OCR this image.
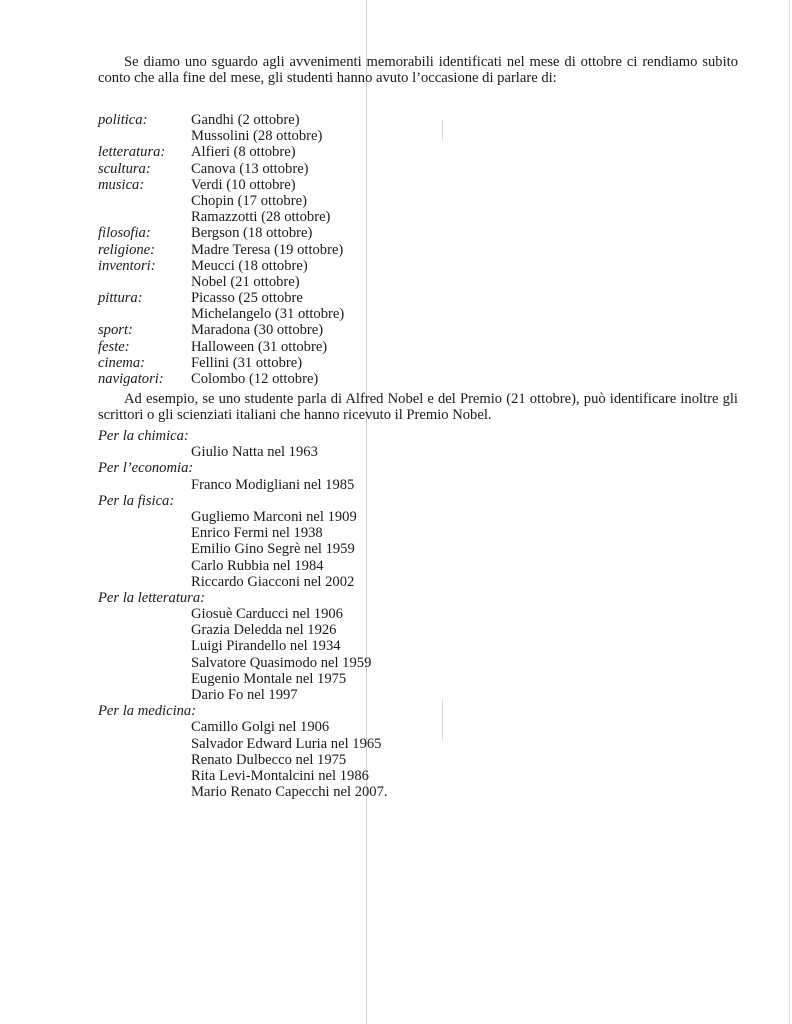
Se diamo uno sguardo agli avvenimenti memorabili identificati nel mese di ottobre ci rendiamo subito conto che alla fine del mese, gli studenti hanno avuto l’occasione di parlare di:

politica:	Gandhi (2 ottobre)
Mussolini (28 ottobre)
letteratura:	Alfieri (8 ottobre)
scultura:	Canova (13 ottobre)
musica:	Verdi (10 ottobre)
Chopin (17 ottobre)
Ramazzotti (28 ottobre)
filosofia:	Bergson (18 ottobre)
religione:	Madre Teresa (19 ottobre)
inventori:	Meucci (18 ottobre)
Nobel (21 ottobre)
pittura:	Picasso (25 ottobre
Michelangelo (31 ottobre)
sport:	Maradona (30 ottobre)
feste:	Halloween (31 ottobre)
cinema:	Fellini (31 ottobre)
navigatori:	Colombo (12 ottobre)

Ad esempio, se uno studente parla di Alfred Nobel e del Premio (21 ottobre), può identificare inoltre gli scrittori o gli scienziati italiani che hanno ricevuto il Premio Nobel.

Per la chimica:
Giulio Natta nel 1963
Per l’economia:
Franco Modigliani nel 1985
Per la fisica:
Gugliemo Marconi nel 1909
Enrico Fermi nel 1938
Emilio Gino Segrè nel 1959
Carlo Rubbia nel 1984
Riccardo Giacconi nel 2002
Per la letteratura:
Giosuè Carducci nel 1906
Grazia Deledda nel 1926
Luigi Pirandello nel 1934
Salvatore Quasimodo nel 1959
Eugenio Montale nel 1975
Dario Fo nel 1997
Per la medicina:
Camillo Golgi nel 1906
Salvador Edward Luria nel 1965
Renato Dulbecco nel 1975
Rita Levi-Montalcini nel 1986
Mario Renato Capecchi nel 2007.
